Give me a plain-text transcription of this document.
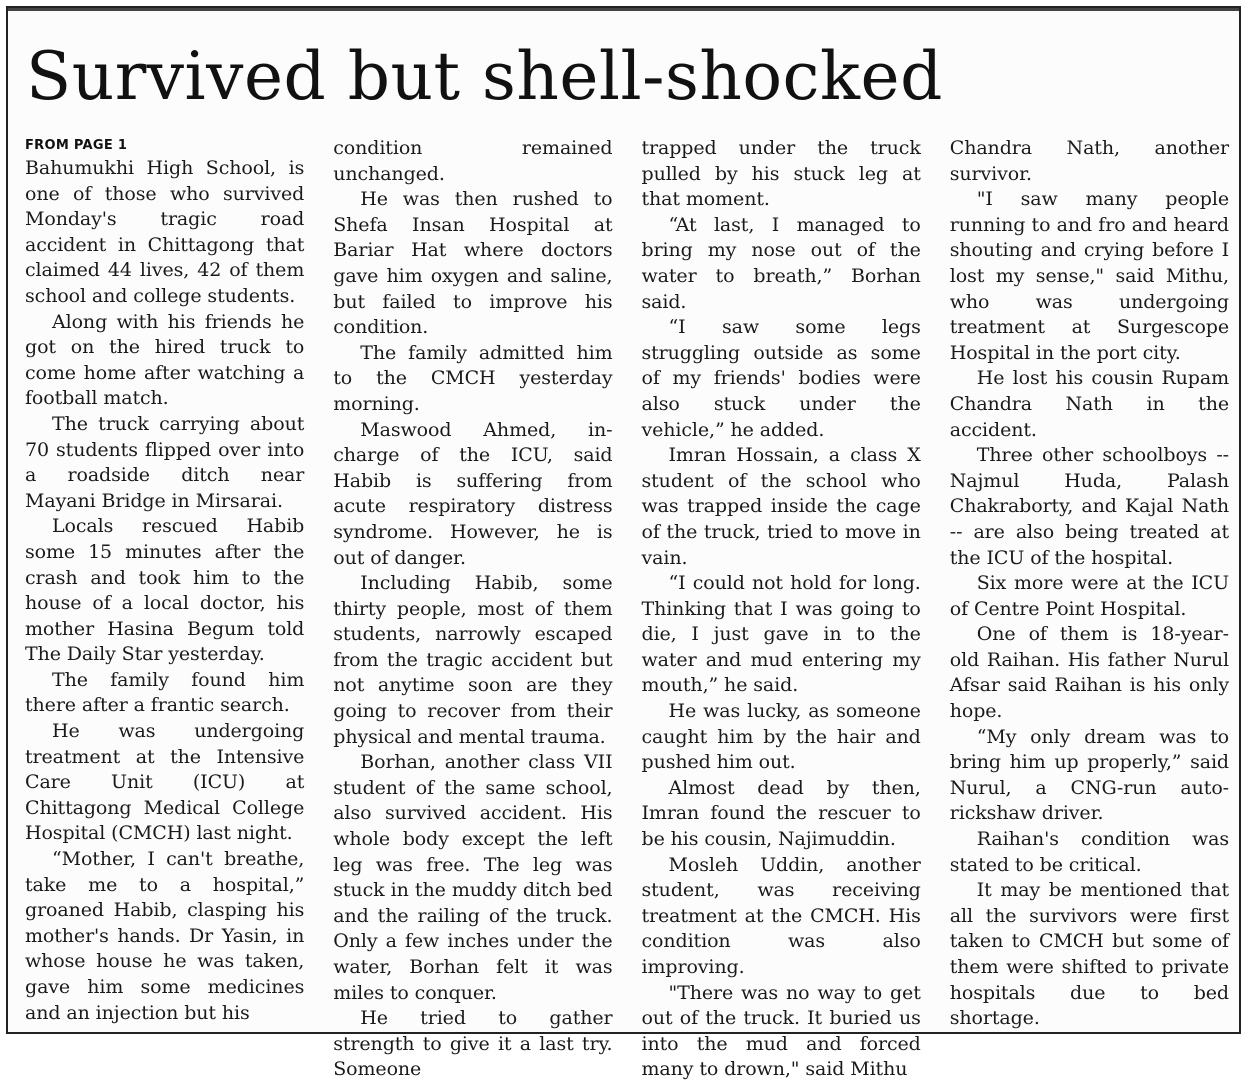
Survived but shell-shocked
FROM PAGE 1

Bahumukhi High School, is one of those who survived Monday's tragic road accident in Chittagong that claimed 44 lives, 42 of them school and college students.

Along with his friends he got on the hired truck to come home after watching a football match.

The truck carrying about 70 students flipped over into a roadside ditch near Mayani Bridge in Mirsarai.

Locals rescued Habib some 15 minutes after the crash and took him to the house of a local doctor, his mother Hasina Begum told The Daily Star yesterday.

The family found him there after a frantic search.

He was undergoing treatment at the Intensive Care Unit (ICU) at Chittagong Medical College Hospital (CMCH) last night.

“Mother, I can't breathe, take me to a hospital,” groaned Habib, clasping his mother's hands. Dr Yasin, in whose house he was taken, gave him some medicines and an injection but his

condition remained unchanged.

He was then rushed to Shefa Insan Hospital at Bariar Hat where doctors gave him oxygen and saline, but failed to improve his condition.

The family admitted him to the CMCH yesterday morning.

Maswood Ahmed, in-charge of the ICU, said Habib is suffering from acute respiratory distress syndrome. However, he is out of danger.

Including Habib, some thirty people, most of them students, narrowly escaped from the tragic accident but not anytime soon are they going to recover from their physical and mental trauma.

Borhan, another class VII student of the same school, also survived accident. His whole body except the left leg was free. The leg was stuck in the muddy ditch bed and the railing of the truck. Only a few inches under the water, Borhan felt it was miles to conquer.

He tried to gather strength to give it a last try. Someone

trapped under the truck pulled by his stuck leg at that moment.

“At last, I managed to bring my nose out of the water to breath,” Borhan said.

“I saw some legs struggling outside as some of my friends' bodies were also stuck under the vehicle,” he added.

Imran Hossain, a class X student of the school who was trapped inside the cage of the truck, tried to move in vain.

“I could not hold for long. Thinking that I was going to die, I just gave in to the water and mud entering my mouth,” he said.

He was lucky, as someone caught him by the hair and pushed him out.

Almost dead by then, Imran found the rescuer to be his cousin, Najimuddin.

Mosleh Uddin, another student, was receiving treatment at the CMCH. His condition was also improving.

"There was no way to get out of the truck. It buried us into the mud and forced many to drown," said Mithu

Chandra Nath, another survivor.

"I saw many people running to and fro and heard shouting and crying before I lost my sense," said Mithu, who was undergoing treatment at Surgescope Hospital in the port city.

He lost his cousin Rupam Chandra Nath in the accident.

Three other schoolboys -- Najmul Huda, Palash Chakraborty, and Kajal Nath -- are also being treated at the ICU of the hospital.

Six more were at the ICU of Centre Point Hospital.

One of them is 18-year-old Raihan. His father Nurul Afsar said Raihan is his only hope.

“My only dream was to bring him up properly,” said Nurul, a CNG-run auto-rickshaw driver.

Raihan's condition was stated to be critical.

It may be mentioned that all the survivors were first taken to CMCH but some of them were shifted to private hospitals due to bed shortage.
